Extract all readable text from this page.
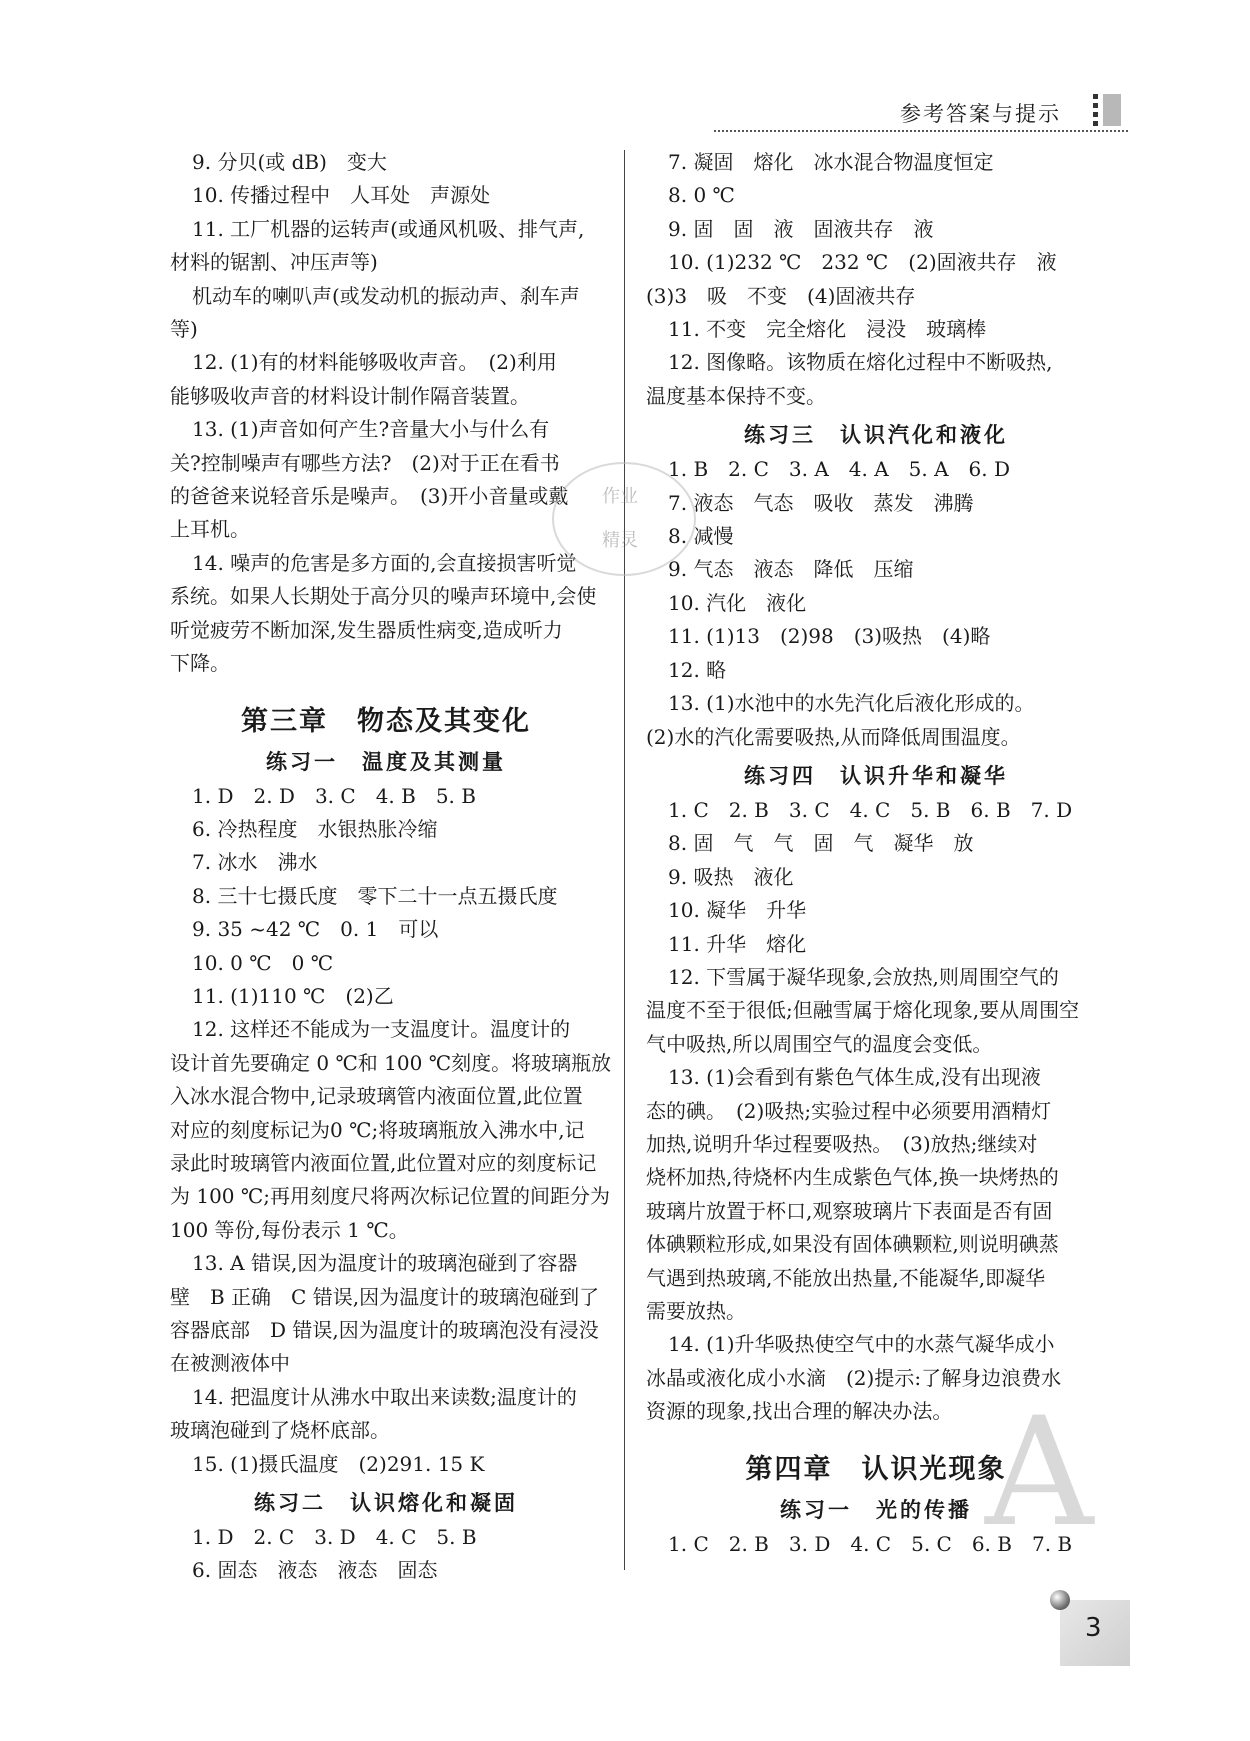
参考答案与提示
9. 分贝(或 dB)　变大
10. 传播过程中　人耳处　声源处
11. 工厂机器的运转声(或通风机吸、排气声,
材料的锯割、冲压声等)
机动车的喇叭声(或发动机的振动声、刹车声
等)
12. (1)有的材料能够吸收声音。　(2)利用
能够吸收声音的材料设计制作隔音装置。
13. (1)声音如何产生?音量大小与什么有
关?控制噪声有哪些方法?　(2)对于正在看书
的爸爸来说轻音乐是噪声。　(3)开小音量或戴
上耳机。
14. 噪声的危害是多方面的,会直接损害听觉
系统。如果人长期处于高分贝的噪声环境中,会使
听觉疲劳不断加深,发生器质性病变,造成听力
下降。
第三章　物态及其变化
练习一　温度及其测量
1. D　2. D　3. C　4. B　5. B
6. 冷热程度　水银热胀冷缩
7. 冰水　沸水
8. 三十七摄氏度　零下二十一点五摄氏度
9. 35 ~42 ℃　0. 1　可以
10. 0 ℃　0 ℃
11. (1)110 ℃　(2)乙
12. 这样还不能成为一支温度计。温度计的
设计首先要确定 0 ℃和 100 ℃刻度。将玻璃瓶放
入冰水混合物中,记录玻璃管内液面位置,此位置
对应的刻度标记为0 ℃;将玻璃瓶放入沸水中,记
录此时玻璃管内液面位置,此位置对应的刻度标记
为 100 ℃;再用刻度尺将两次标记位置的间距分为
100 等份,每份表示 1 ℃。
13. A 错误,因为温度计的玻璃泡碰到了容器
壁　B 正确　C 错误,因为温度计的玻璃泡碰到了
容器底部　D 错误,因为温度计的玻璃泡没有浸没
在被测液体中
14. 把温度计从沸水中取出来读数;温度计的
玻璃泡碰到了烧杯底部。
15. (1)摄氏温度　(2)291. 15 K
练习二　认识熔化和凝固
1. D　2. C　3. D　4. C　5. B
6. 固态　液态　液态　固态
7. 凝固　熔化　冰水混合物温度恒定
8. 0 ℃
9. 固　固　液　固液共存　液
10. (1)232 ℃　232 ℃　(2)固液共存　液
(3)3　吸　不变　(4)固液共存
11. 不变　完全熔化　浸没　玻璃棒
12. 图像略。该物质在熔化过程中不断吸热,
温度基本保持不变。
练习三　认识汽化和液化
1. B　2. C　3. A　4. A　5. A　6. D
7. 液态　气态　吸收　蒸发　沸腾
8. 减慢
9. 气态　液态　降低　压缩
10. 汽化　液化
11. (1)13　(2)98　(3)吸热　(4)略
12. 略
13. (1)水池中的水先汽化后液化形成的。
(2)水的汽化需要吸热,从而降低周围温度。
练习四　认识升华和凝华
1. C　2. B　3. C　4. C　5. B　6. B　7. D
8. 固　气　气　固　气　凝华　放
9. 吸热　液化
10. 凝华　升华
11. 升华　熔化
12. 下雪属于凝华现象,会放热,则周围空气的
温度不至于很低;但融雪属于熔化现象,要从周围空
气中吸热,所以周围空气的温度会变低。
13. (1)会看到有紫色气体生成,没有出现液
态的碘。　(2)吸热;实验过程中必须要用酒精灯
加热,说明升华过程要吸热。　(3)放热;继续对
烧杯加热,待烧杯内生成紫色气体,换一块烤热的
玻璃片放置于杯口,观察玻璃片下表面是否有固
体碘颗粒形成,如果没有固体碘颗粒,则说明碘蒸
气遇到热玻璃,不能放出热量,不能凝华,即凝华
需要放热。
14. (1)升华吸热使空气中的水蒸气凝华成小
冰晶或液化成小水滴　(2)提示:了解身边浪费水
资源的现象,找出合理的解决办法。
第四章　认识光现象
练习一　光的传播
1. C　2. B　3. D　4. C　5. C　6. B　7. B
作业
精灵
A
3
